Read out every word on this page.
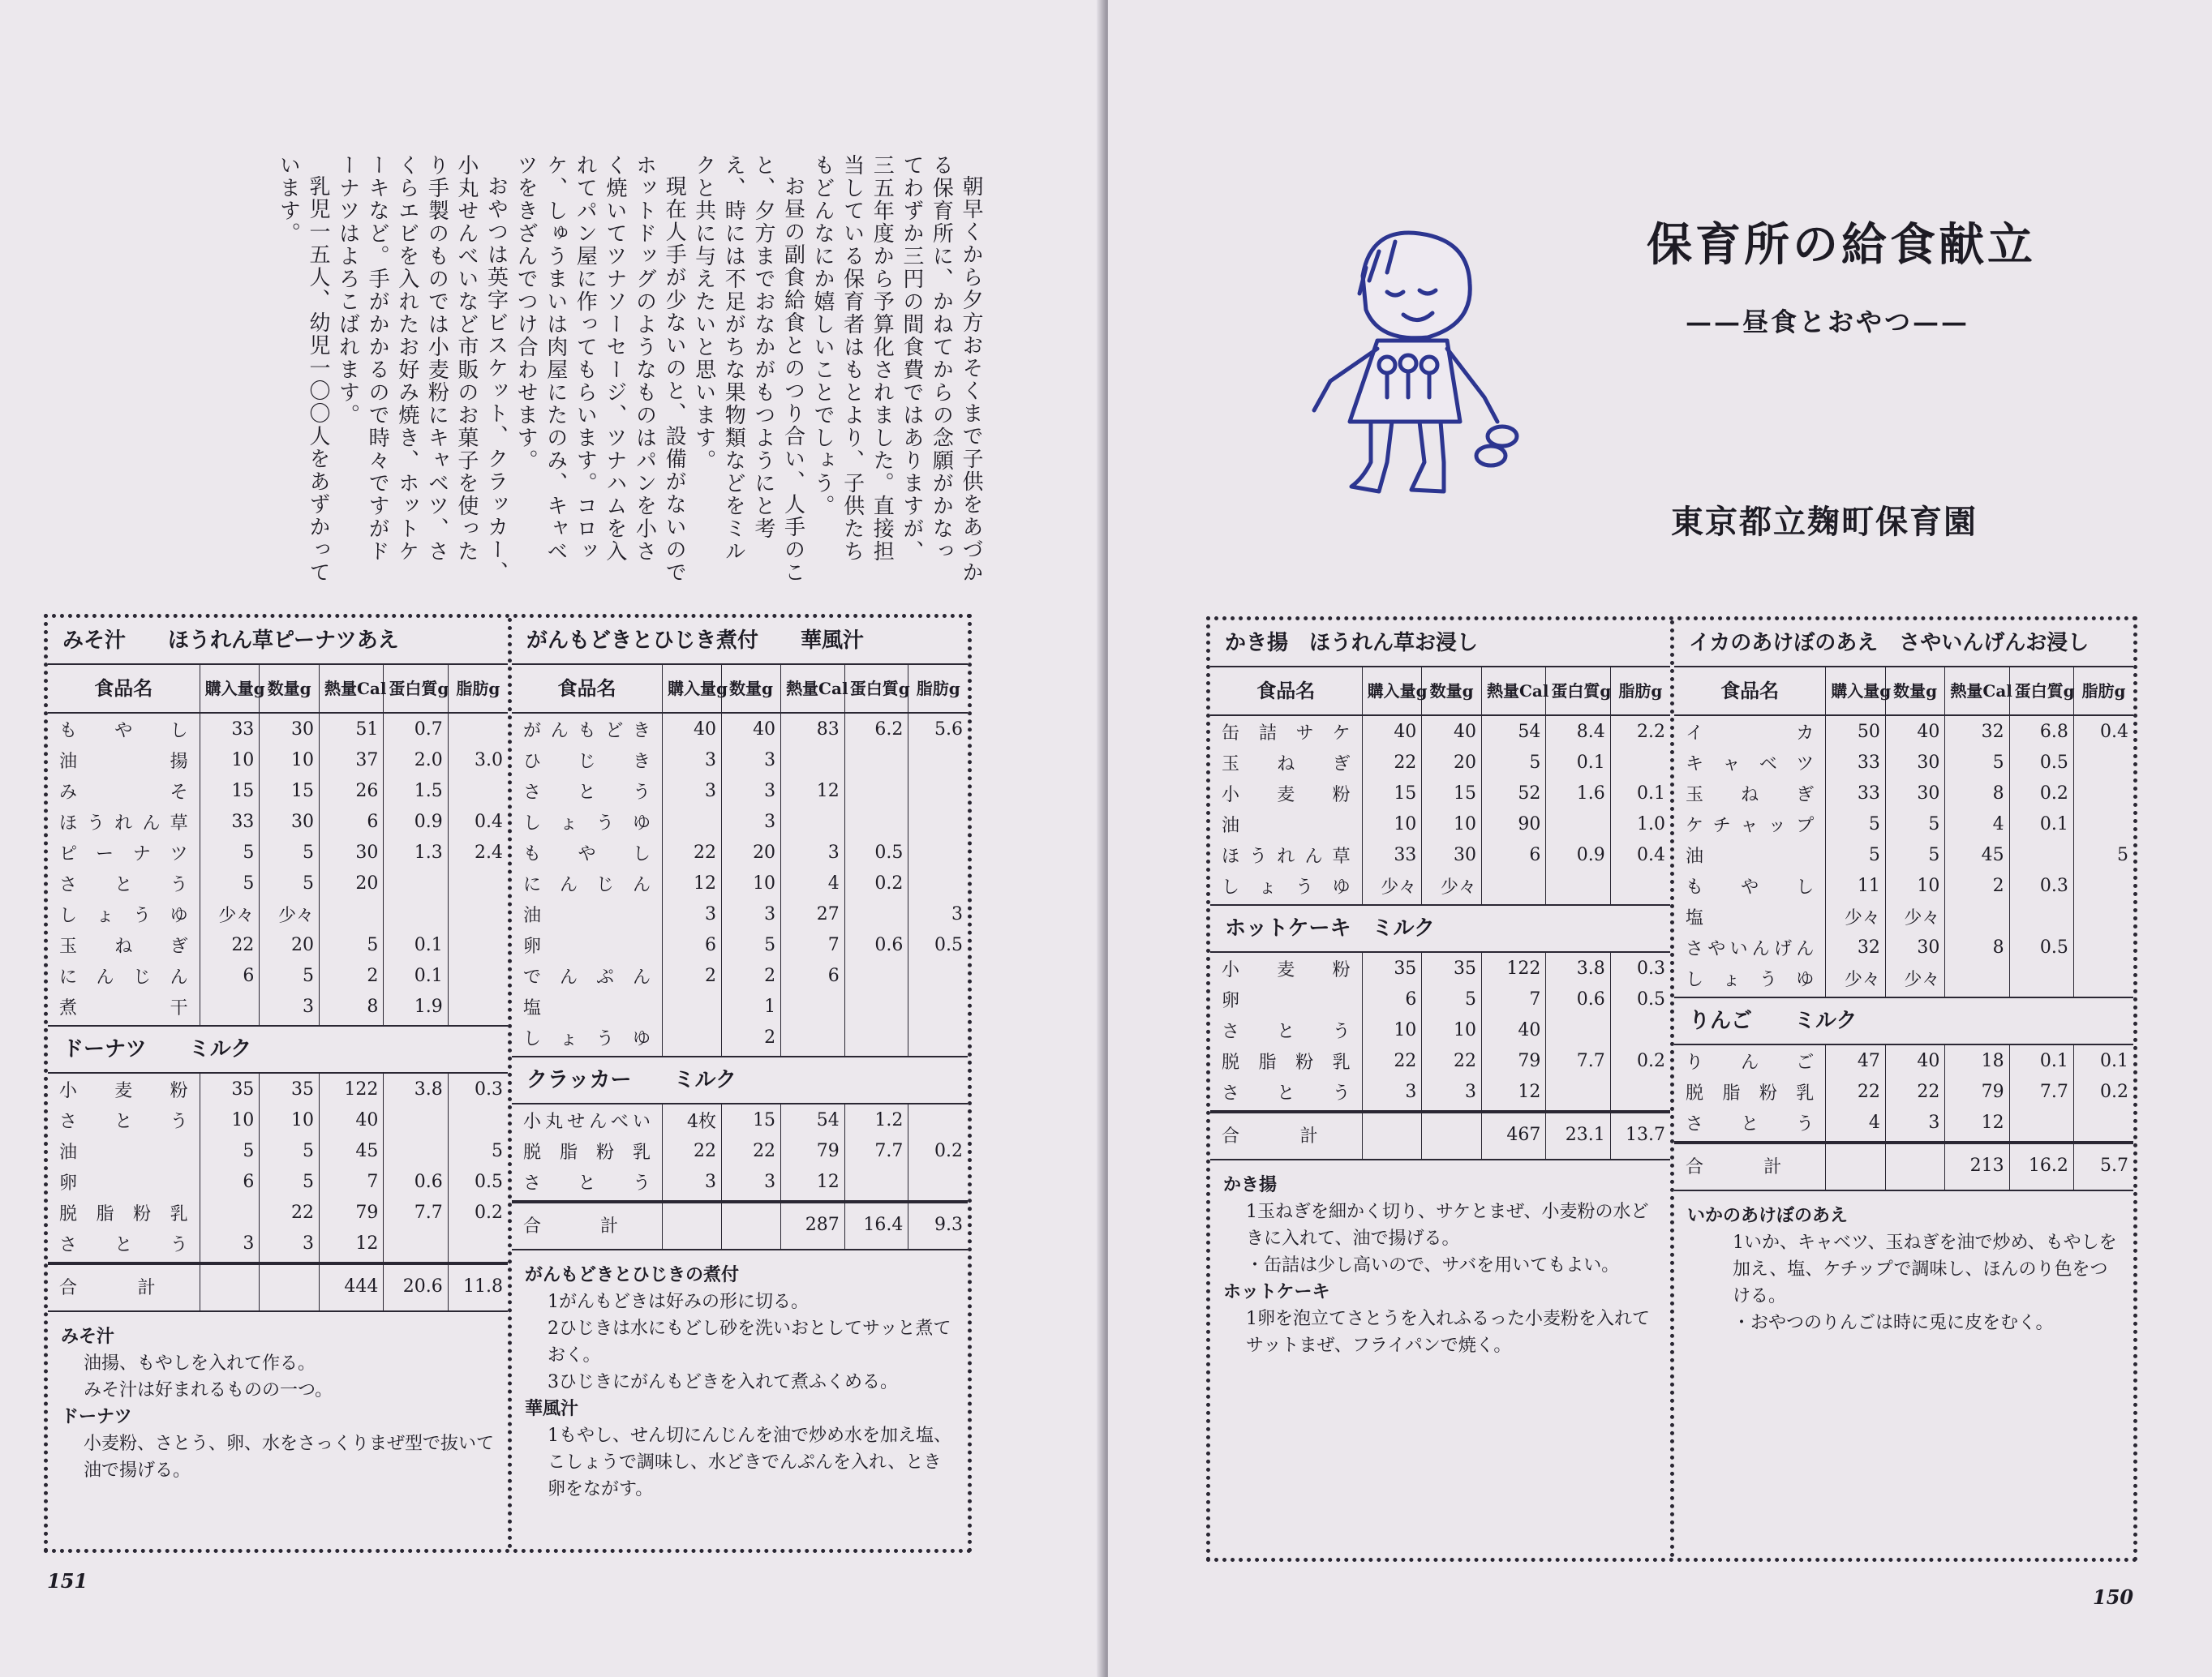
朝早くから夕方おそくまで子供をあづかる保育所に、かねてからの念願がかなってわずか三円の間食費ではありますが、三五年度から予算化されました。直接担当している保育者はもとより、子供たちもどんなにか嬉しいことでしょう。

お昼の副食給食とのつり合い、人手のこと、夕方までおなかがもつようにと考え、時には不足がちな果物類などをミルクと共に与えたいと思います。

現在人手が少ないのと、設備がないのでホットドッグのようなものはパンを小さく焼いてツナソーセージ、ツナハムを入れてパン屋に作ってもらいます。コロッケ、しゅうまいは肉屋にたのみ、キャベツをきざんでつけ合わせます。

おやつは英字ビスケット、クラッカー、小丸せんべいなど市販のお菓子を使ったり手製のものでは小麦粉にキャベツ、さくらエビを入れたお好み焼き、ホットケーキなど。手がかかるので時々ですがドーナツはよろこばれます。

乳児一五人、幼児一〇〇人をあずかっています。

みそ汁　　ほうれん草ピーナツあえ
食品名	購入量g	数量g	熱量Cal	蛋白質g	脂肪g
もやし	33	30	51	0.7	
油揚	10	10	37	2.0	3.0
みそ	15	15	26	1.5	
ほうれん草	33	30	6	0.9	0.4
ピーナツ	5	5	30	1.3	2.4
さとう	5	5	20		
しょうゆ	少々	少々			
玉ねぎ	22	20	5	0.1	
にんじん	6	5	2	0.1	
煮干		3	8	1.9	
ドーナツ　　ミルク
小麦粉	35	35	122	3.8	0.3
さとう	10	10	40		
油	5	5	45		5
卵	6	5	7	0.6	0.5
脱脂粉乳		22	79	7.7	0.2
さとう	3	3	12		
合計			444	20.6	11.8

みそ汁

油揚、もやしを入れて作る。

みそ汁は好まれるものの一つ。

ドーナツ

小麦粉、さとう、卵、水をさっくりまぜ型で抜いて油で揚げる。

がんもどきとひじき煮付　　華風汁
食品名	購入量g	数量g	熱量Cal	蛋白質g	脂肪g
がんもどき	40	40	83	6.2	5.6
ひじき	3	3			
さとう	3	3	12		
しょうゆ		3			
もやし	22	20	3	0.5	
にんじん	12	10	4	0.2	
油	3	3	27		3
卵	6	5	7	0.6	0.5
でんぷん	2	2	6		
塩		1			
しょうゆ		2			
クラッカー　　ミルク
小丸せんべい	4枚	15	54	1.2	
脱脂粉乳	22	22	79	7.7	0.2
さとう	3	3	12		
合計			287	16.4	9.3

がんもどきとひじきの煮付

1がんもどきは好みの形に切る。

2ひじきは水にもどし砂を洗いおとしてサッと煮ておく。

3ひじきにがんもどきを入れて煮ふくめる。

華風汁

1もやし、せん切にんじんを油で炒め水を加え塩、こしょうで調味し、水どきでんぷんを入れ、とき卵をながす。

151
保育所の給食献立
——昼食とおやつ——
東京都立麹町保育園
かき揚　ほうれん草お浸し
食品名	購入量g	数量g	熱量Cal	蛋白質g	脂肪g
缶詰サケ	40	40	54	8.4	2.2
玉ねぎ	22	20	5	0.1	
小麦粉	15	15	52	1.6	0.1
油	10	10	90		1.0
ほうれん草	33	30	6	0.9	0.4
しょうゆ	少々	少々			
ホットケーキ　ミルク
小麦粉	35	35	122	3.8	0.3
卵	6	5	7	0.6	0.5
さとう	10	10	40		
脱脂粉乳	22	22	79	7.7	0.2
さとう	3	3	12		
合計			467	23.1	13.7

かき揚

1玉ねぎを細かく切り、サケとまぜ、小麦粉の水どきに入れて、油で揚げる。

・缶詰は少し高いので、サバを用いてもよい。

ホットケーキ

1卵を泡立てさとうを入れふるった小麦粉を入れてサットまぜ、フライパンで焼く。

イカのあけぼのあえ　さやいんげんお浸し
食品名	購入量g	数量g	熱量Cal	蛋白質g	脂肪g
イカ	50	40	32	6.8	0.4
キャベツ	33	30	5	0.5	
玉ねぎ	33	30	8	0.2	
ケチャップ	5	5	4	0.1	
油	5	5	45		5
もやし	11	10	2	0.3	
塩	少々	少々			
さやいんげん	32	30	8	0.5	
しょうゆ	少々	少々			
りんご　　ミルク
りんご	47	40	18	0.1	0.1
脱脂粉乳	22	22	79	7.7	0.2
さとう	4	3	12		
合計			213	16.2	5.7

いかのあけぼのあえ

1いか、キャベツ、玉ねぎを油で炒め、もやしを加え、塩、ケチップで調味し、ほんのり色をつける。

・おやつのりんごは時に兎に皮をむく。

150
